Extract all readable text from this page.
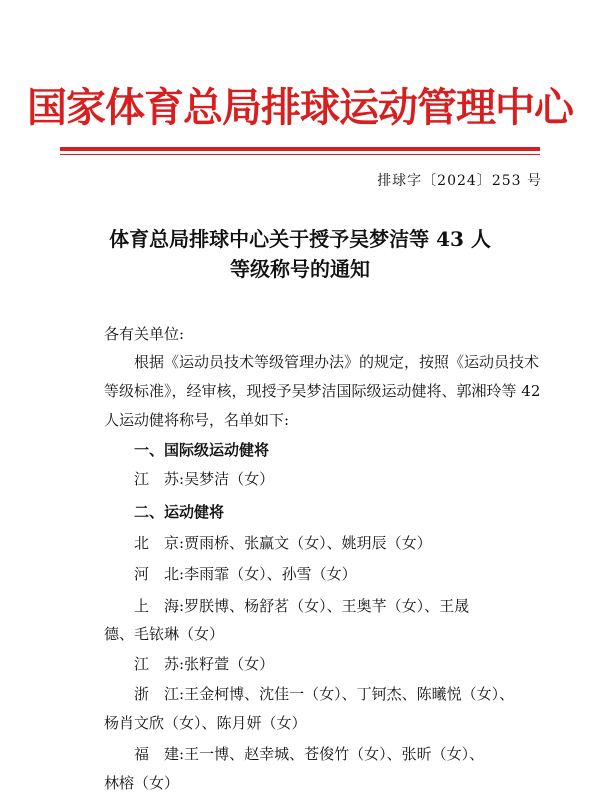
国家体育总局排球运动管理中心
排球字〔2024〕253 号
体育总局排球中心关于授予吴梦洁等 43 人
等级称号的通知
各有关单位:
根据《运动员技术等级管理办法》的规定，按照《运动员技术等级标准》，经审核，现授予吴梦洁国际级运动健将、郭湘玲等 42 人运动健将称号，名单如下:
一、国际级运动健将
江　苏:吴梦洁（女）
二、运动健将
北　京:贾雨桥、张赢文（女）、姚玥辰（女）
河　北:李雨霏（女）、孙雪（女）
上　海:罗朕博、杨舒茗（女）、王奥芊（女）、王晟
德、毛铱琳（女）
江　苏:张籽萱（女）
浙　江:王金柯博、沈佳一（女）、丁钶杰、陈曦悦（女）、
杨肖文欣（女）、陈月妍（女）
福　建:王一博、赵幸城、苍俊竹（女）、张昕（女）、
林榕（女）
